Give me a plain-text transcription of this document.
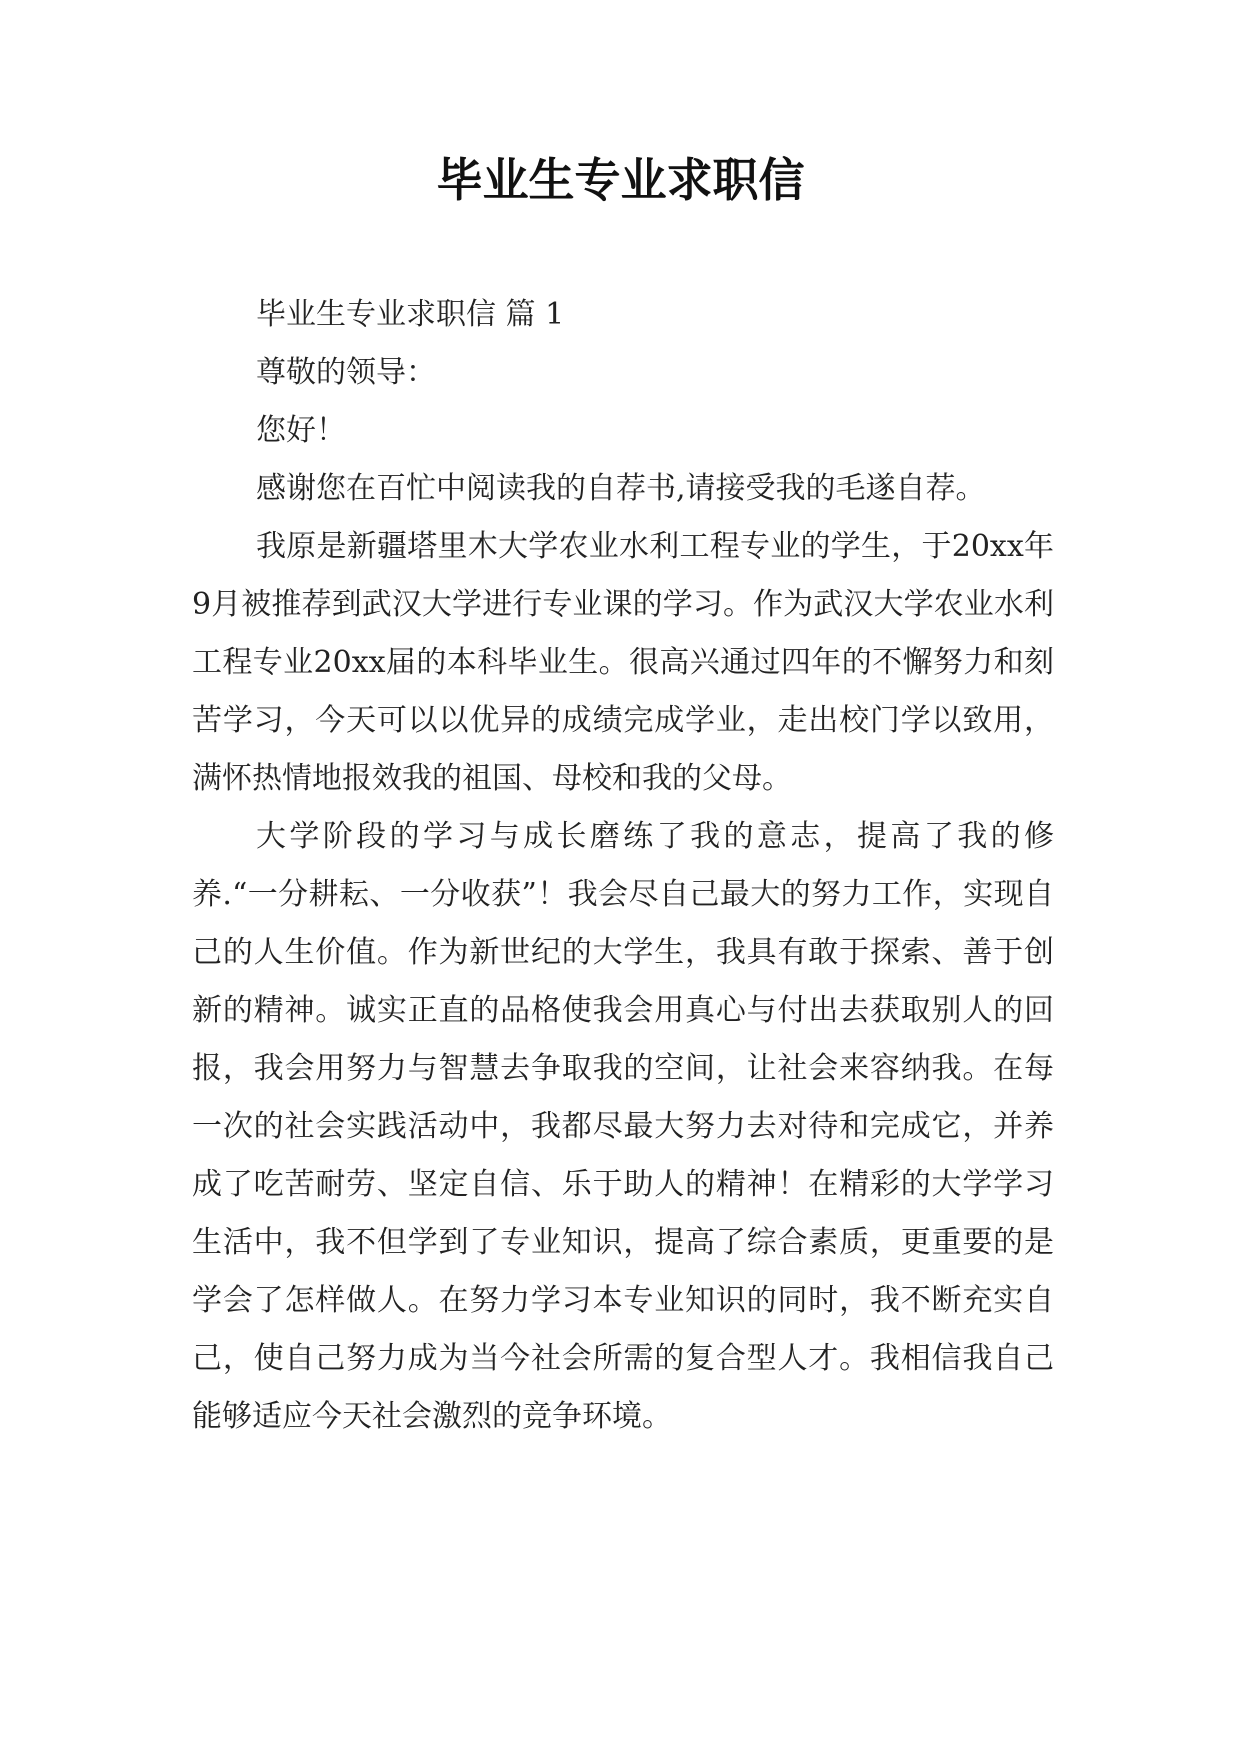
毕业生专业求职信

毕业生专业求职信 篇 1

尊敬的领导：

您好！

感谢您在百忙中阅读我的自荐书,请接受我的毛遂自荐。

我原是新疆塔里木大学农业水利工程专业的学生，于20xx年9月被推荐到武汉大学进行专业课的学习。作为武汉大学农业水利工程专业20xx届的本科毕业生。很高兴通过四年的不懈努力和刻苦学习，今天可以以优异的成绩完成学业，走出校门学以致用，满怀热情地报效我的祖国、母校和我的父母。

大学阶段的学习与成长磨练了我的意志，提高了我的修养.“一分耕耘、一分收获”！我会尽自己最大的努力工作，实现自己的人生价值。作为新世纪的大学生，我具有敢于探索、善于创新的精神。诚实正直的品格使我会用真心与付出去获取别人的回报，我会用努力与智慧去争取我的空间，让社会来容纳我。在每一次的社会实践活动中，我都尽最大努力去对待和完成它，并养成了吃苦耐劳、坚定自信、乐于助人的精神！在精彩的大学学习生活中，我不但学到了专业知识，提高了综合素质，更重要的是学会了怎样做人。在努力学习本专业知识的同时，我不断充实自己，使自己努力成为当今社会所需的复合型人才。我相信我自己能够适应今天社会激烈的竞争环境。
